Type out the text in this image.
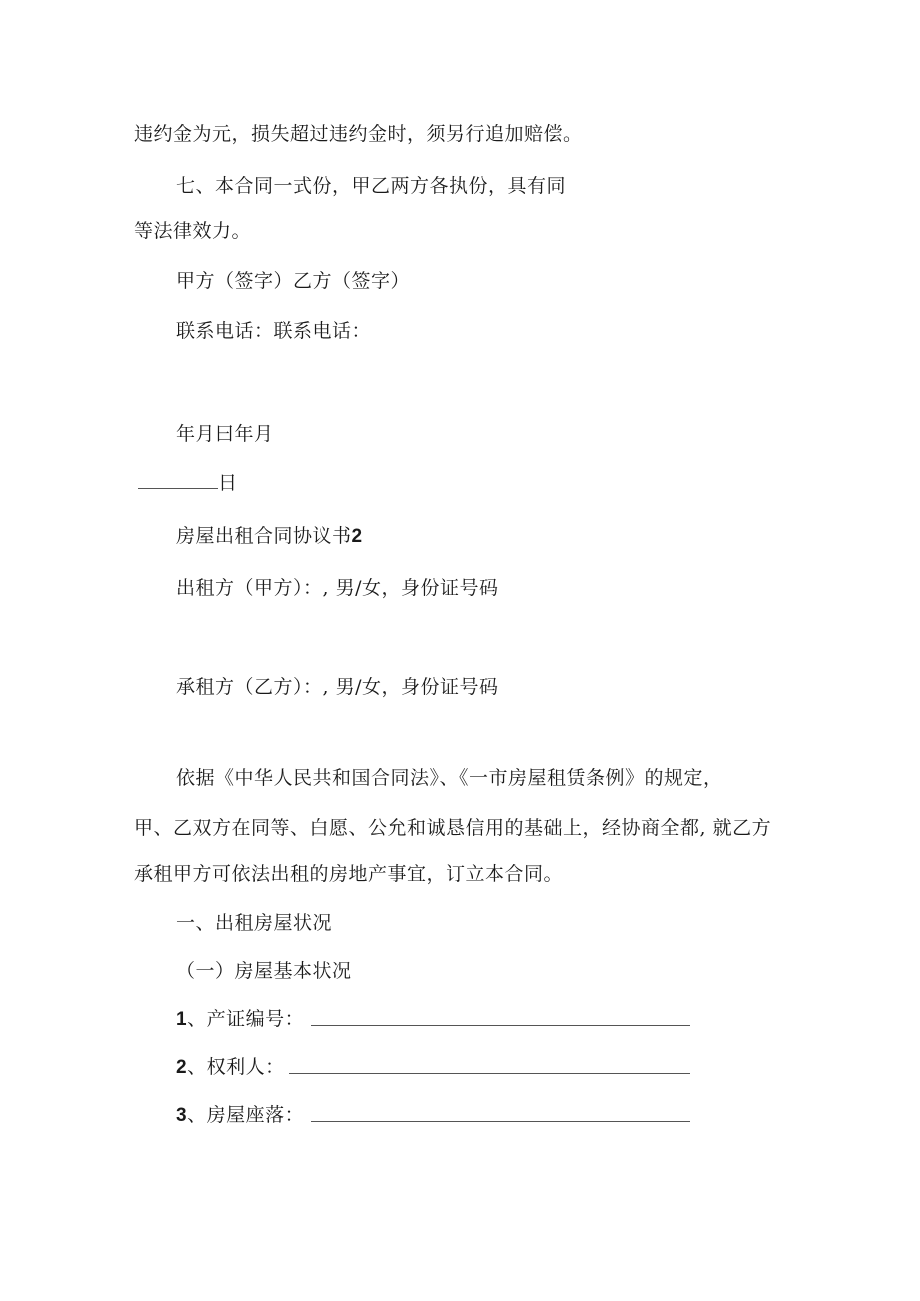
违约金为元，损失超过违约金时，须另行追加赔偿。
七、本合同一式份，甲乙两方各执份，具有同
等法律效力。
甲方（签字）乙方（签字）
联系电话：联系电话：
年月曰年月
日
房屋出租合同协议书2
出租方（甲方）：, 男/女，身份证号码
承租方（乙方）：, 男/女，身份证号码
依据《中华人民共和国合同法》、《一市房屋租赁条例》的规定，
甲、乙双方在同等、白愿、公允和诚恳信用的基础上，经协商全都, 就乙方
承租甲方可依法出租的房地产事宜，订立本合同。
一、出租房屋状况
（一）房屋基本状况
1、产证编号：
2、权利人：
3、房屋座落：
